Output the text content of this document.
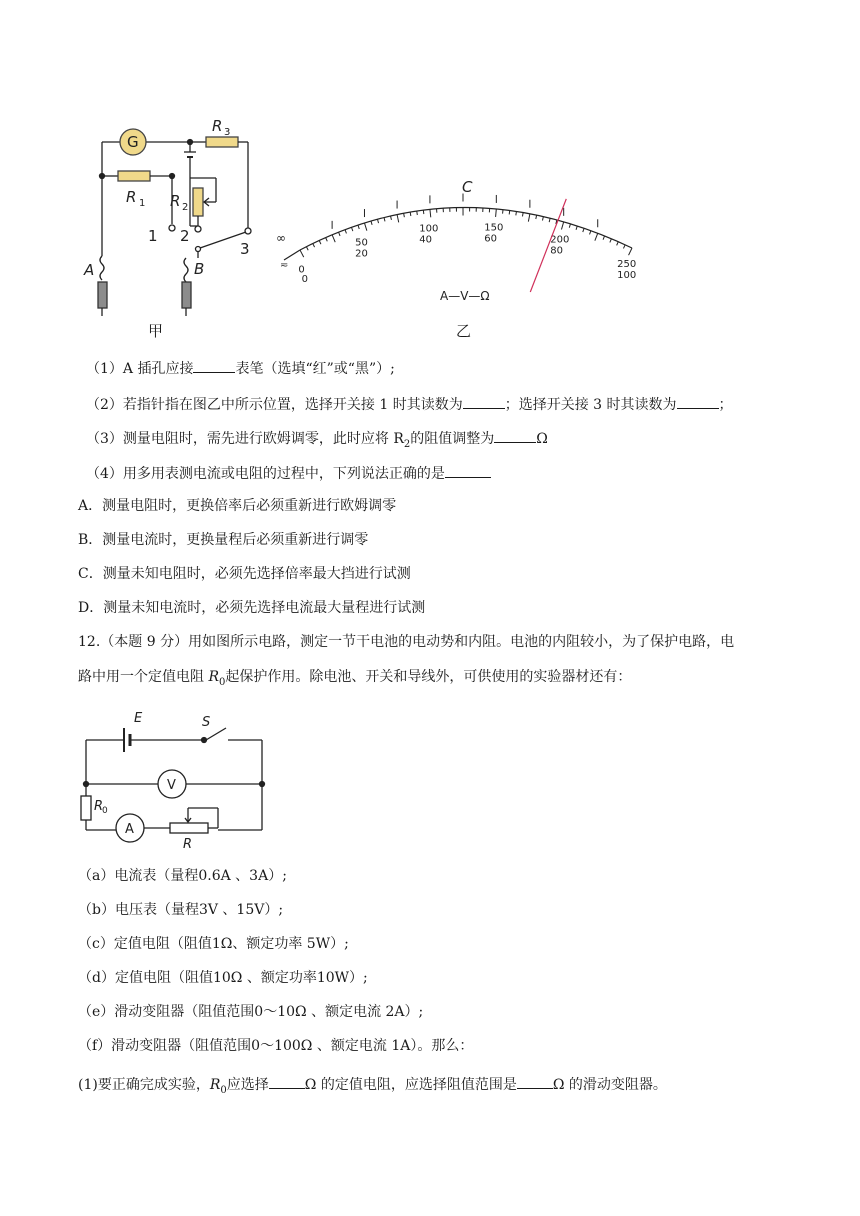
G
R 1 R 2
R 3
1 2
3
A	B
甲
50
100	150
200
250
20
40	60
80
100
0
0
∞
≂
C
A—V—Ω
乙
（1）A 插孔应接	表笔（选填“红”或“黑”）;
（2）若指针指在图乙中所示位置，选择开关接 1 时其读数为	；选择开关接 3 时其读数为	；
（3）测量电阻时，需先进行欧姆调零，此时应将 $R_2$的阻值调整为	Ω
（4）用多用表测电流或电阻的过程中，下列说法正确的是
A．测量电阻时，更换倍率后必须重新进行欧姆调零
B．测量电流时，更换量程后必须重新进行调零
C．测量未知电阻时，必须先选择倍率最大挡进行试测
D．测量未知电流时，必须先选择电流最大量程进行试测
12.（本题 9 分）用如图所示电路，测定一节干电池的电动势和内阻。电池的内阻较小，为了保护电路，电
路中用一个定值电阻 $R_0$起保护作用。除电池、开关和导线外，可供使用的实验器材还有：
E	S
V
A
R
0
R
（a）电流表（量程0.6A 、3A）;
（b）电压表（量程3V 、15V）;
（c）定值电阻（阻值1Ω、额定功率 5W）;
（d）定值电阻（阻值10Ω 、额定功率10W）;
（e）滑动变阻器（阻值范围0～10Ω 、额定电流 2A）;
（f）滑动变阻器（阻值范围0～100Ω 、额定电流 1A）。那么：
(1)要正确完成实验，$R_0$应选择	Ω 的定值电阻，应选择阻值范围是	Ω 的滑动变阻器。
